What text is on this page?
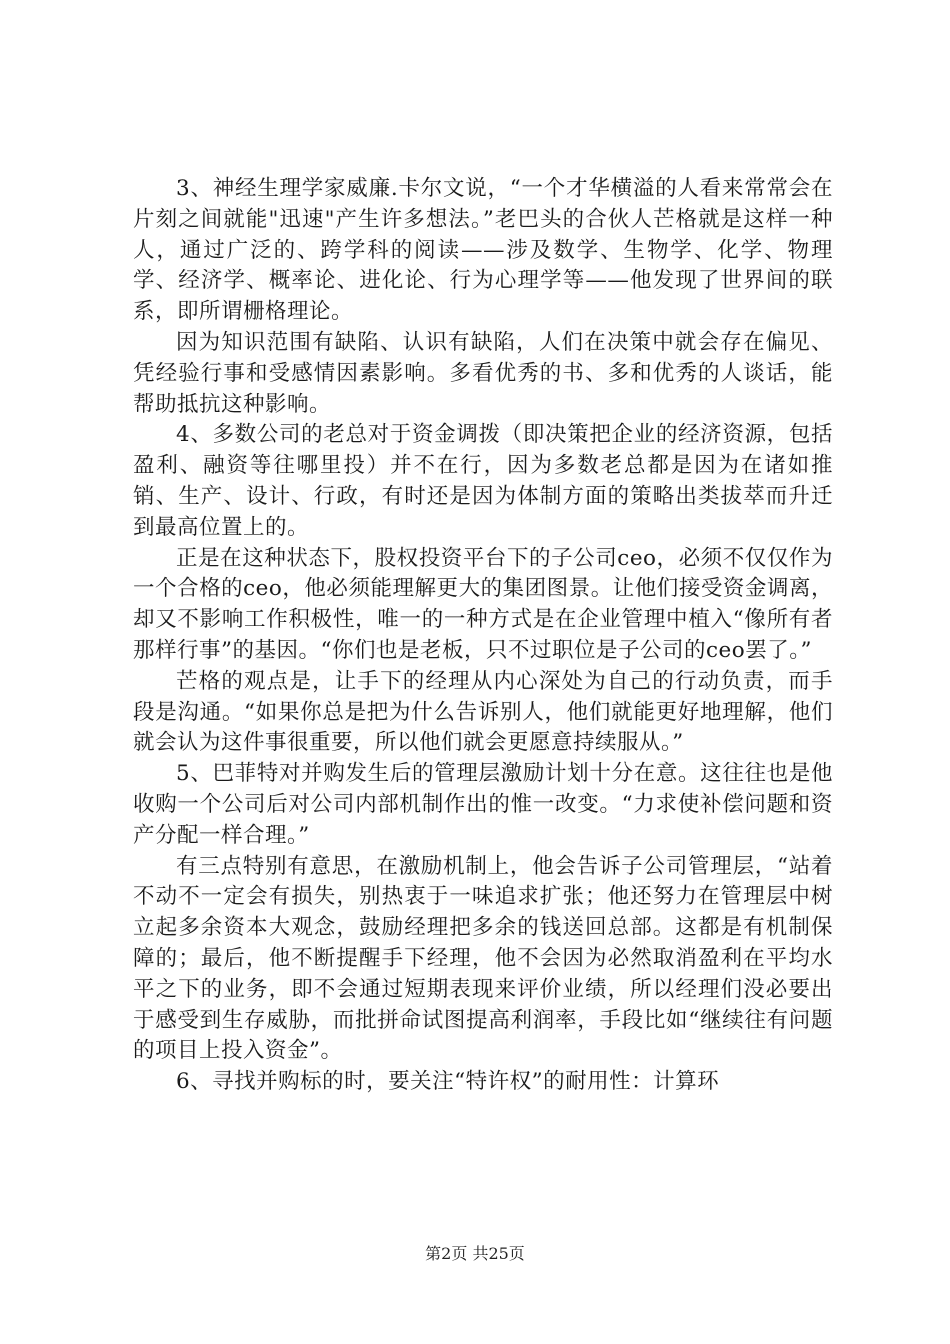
3、神经生理学家威廉.卡尔文说，“一个才华横溢的人看来常常会在片刻之间就能"迅速"产生许多想法。”老巴头的合伙人芒格就是这样一种人，通过广泛的、跨学科的阅读——涉及数学、生物学、化学、物理学、经济学、概率论、进化论、行为心理学等——他发现了世界间的联系，即所谓栅格理论。

因为知识范围有缺陷、认识有缺陷，人们在决策中就会存在偏见、凭经验行事和受感情因素影响。多看优秀的书、多和优秀的人谈话，能帮助抵抗这种影响。

4、多数公司的老总对于资金调拨（即决策把企业的经济资源，包括盈利、融资等往哪里投）并不在行，因为多数老总都是因为在诸如推销、生产、设计、行政，有时还是因为体制方面的策略出类拔萃而升迁到最高位置上的。

正是在这种状态下，股权投资平台下的子公司ceo，必须不仅仅作为一个合格的ceo，他必须能理解更大的集团图景。让他们接受资金调离，却又不影响工作积极性，唯一的一种方式是在企业管理中植入“像所有者那样行事”的基因。“你们也是老板，只不过职位是子公司的ceo罢了。”

芒格的观点是，让手下的经理从内心深处为自己的行动负责，而手段是沟通。“如果你总是把为什么告诉别人，他们就能更好地理解，他们就会认为这件事很重要，所以他们就会更愿意持续服从。”

5、巴菲特对并购发生后的管理层激励计划十分在意。这往往也是他收购一个公司后对公司内部机制作出的惟一改变。“力求使补偿问题和资产分配一样合理。”

有三点特别有意思，在激励机制上，他会告诉子公司管理层，“站着不动不一定会有损失，别热衷于一味追求扩张；他还努力在管理层中树立起多余资本大观念，鼓励经理把多余的钱送回总部。这都是有机制保障的；最后，他不断提醒手下经理，他不会因为必然取消盈利在平均水平之下的业务，即不会通过短期表现来评价业绩，所以经理们没必要出于感受到生存威胁，而批拼命试图提高利润率，手段比如“继续往有问题的项目上投入资金”。

6、寻找并购标的时，要关注“特许权”的耐用性：计算环

第2页 共25页
